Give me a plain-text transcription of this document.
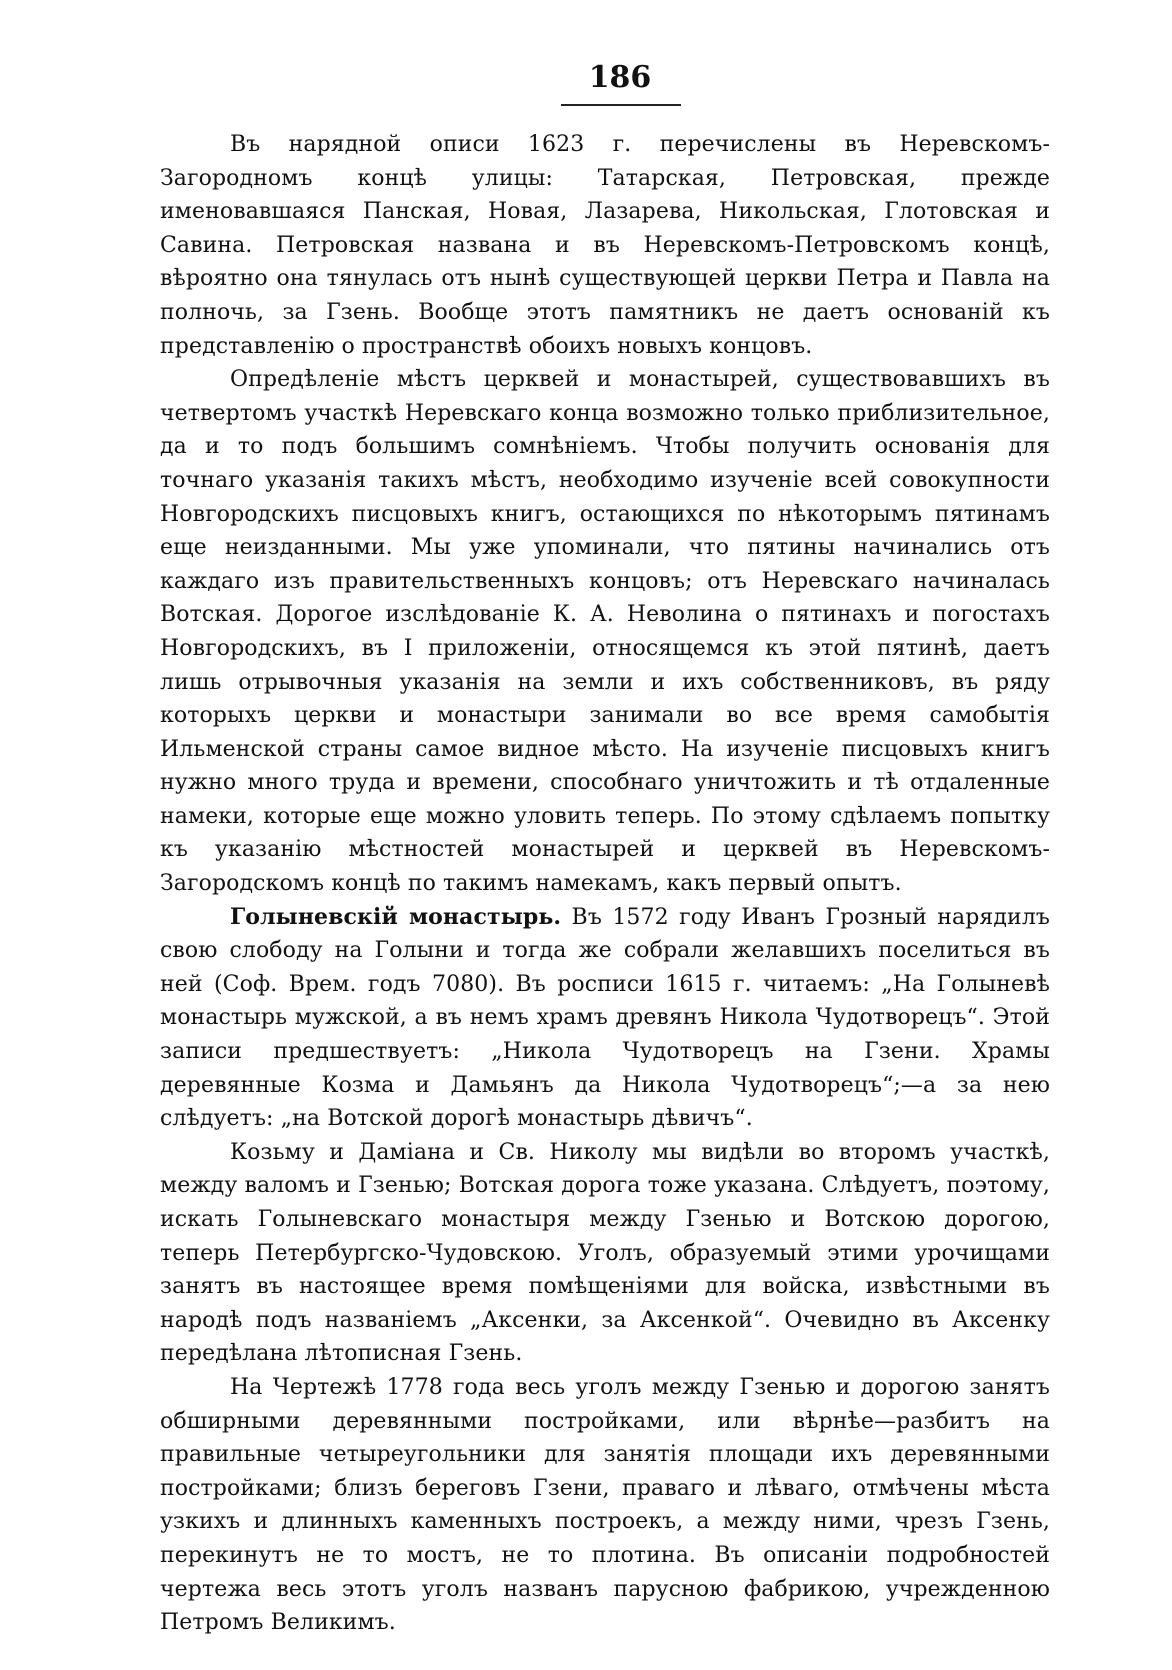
186

Въ нарядной описи 1623 г. перечислены въ Неревскомъ-Загородномъ концѣ улицы: Татарская, Петровская, прежде именовавшаяся Панская, Новая, Лазарева, Никольская, Глотовская и Савина. Петровская названа и въ Неревскомъ-Петровскомъ концѣ, вѣроятно она тянулась отъ нынѣ существующей церкви Петра и Павла на полночь, за Гзень. Вообще этотъ памятникъ не даетъ основаній къ представленію о пространствѣ обоихъ новыхъ концовъ.

Опредѣленіе мѣстъ церквей и монастырей, существовавшихъ въ четвертомъ участкѣ Неревскаго конца возможно только приблизительное, да и то подъ большимъ сомнѣніемъ. Чтобы получить основанія для точнаго указанія такихъ мѣстъ, необходимо изученіе всей совокупности Новгородскихъ писцовыхъ книгъ, остающихся по нѣкоторымъ пятинамъ еще неизданными. Мы уже упоминали, что пятины начинались отъ каждаго изъ правительственныхъ концовъ; отъ Неревскаго начиналась Вотская. Дорогое изслѣдованіе К. А. Неволина о пятинахъ и погостахъ Новгородскихъ, въ I приложеніи, относящемся къ этой пятинѣ, даетъ лишь отрывочныя указанія на земли и ихъ собственниковъ, въ ряду которыхъ церкви и монастыри занимали во все время самобытія Ильменской страны самое видное мѣсто. На изученіе писцовыхъ книгъ нужно много труда и времени, способнаго уничтожить и тѣ отдаленные намеки, которые еще можно уловить теперь. По этому сдѣлаемъ попытку къ указанію мѣстностей монастырей и церквей въ Неревскомъ-Загородскомъ концѣ по такимъ намекамъ, какъ первый опытъ.

Голыневскій монастырь. Въ 1572 году Иванъ Грозный нарядилъ свою слободу на Голыни и тогда же собрали желавшихъ поселиться въ ней (Соф. Врем. годъ 7080). Въ росписи 1615 г. читаемъ: „На Голыневѣ монастырь мужской, а въ немъ храмъ древянъ Никола Чудотворецъ“. Этой записи предшествуетъ: „Никола Чудотворецъ на Гзени. Храмы деревянные Козма и Дамьянъ да Никола Чудотворецъ“;—а за нею слѣдуетъ: „на Вотской дорогѣ монастырь дѣвичъ“.

Козьму и Даміана и Св. Николу мы видѣли во второмъ участкѣ, между валомъ и Гзенью; Вотская дорога тоже указана. Слѣдуетъ, поэтому, искать Голыневскаго монастыря между Гзенью и Вотскою дорогою, теперь Петербургско-Чудовскою. Уголъ, образуемый этими урочищами занятъ въ настоящее время помѣщеніями для войска, извѣстными въ народѣ подъ названіемъ „Аксенки, за Аксенкой“. Очевидно въ Аксенку передѣлана лѣтописная Гзень.

На Чертежѣ 1778 года весь уголъ между Гзенью и дорогою занятъ обширными деревянными постройками, или вѣрнѣе—разбитъ на правильные четыреугольники для занятія площади ихъ деревянными постройками; близъ береговъ Гзени, праваго и лѣваго, отмѣчены мѣста узкихъ и длинныхъ каменныхъ построекъ, а между ними, чрезъ Гзень, перекинутъ не то мостъ, не то плотина. Въ описаніи подробностей чертежа весь этотъ уголъ названъ парусною фабрикою, учрежденною Петромъ Великимъ.
